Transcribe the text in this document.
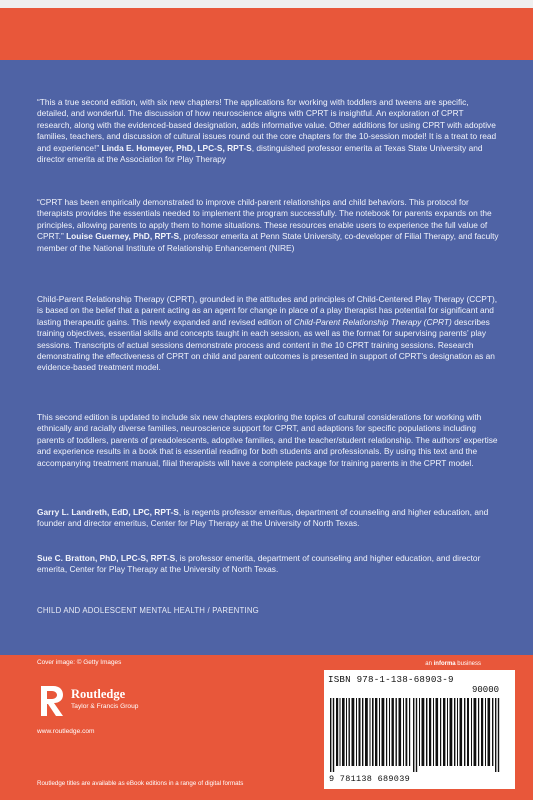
“This a true second edition, with six new chapters! The applications for working with toddlers and tweens are specific, detailed, and wonderful. The discussion of how neuroscience aligns with CPRT is insightful. An exploration of CPRT research, along with the evidenced-based designation, adds informative value. Other additions for using CPRT with adoptive families, teachers, and discussion of cultural issues round out the core chapters for the 10-session model! It is a treat to read and experience!” Linda E. Homeyer, PhD, LPC-S, RPT-S, distinguished professor emerita at Texas State University and director emerita at the Association for Play Therapy

“CPRT has been empirically demonstrated to improve child-parent relationships and child behaviors. This protocol for therapists provides the essentials needed to implement the program successfully. The notebook for parents expands on the principles, allowing parents to apply them to home situations. These resources enable users to experience the full value of CPRT.” Louise Guerney, PhD, RPT-S, professor emerita at Penn State University, co-developer of Filial Therapy, and faculty member of the National Institute of Relationship Enhancement (NIRE)

Child-Parent Relationship Therapy (CPRT), grounded in the attitudes and principles of Child-Centered Play Therapy (CCPT), is based on the belief that a parent acting as an agent for change in place of a play therapist has potential for significant and lasting therapeutic gains. This newly expanded and revised edition of Child-Parent Relationship Therapy (CPRT) describes training objectives, essential skills and concepts taught in each session, as well as the format for supervising parents’ play sessions. Transcripts of actual sessions demonstrate process and content in the 10 CPRT training sessions. Research demonstrating the effectiveness of CPRT on child and parent outcomes is presented in support of CPRT’s designation as an evidence-based treatment model.

This second edition is updated to include six new chapters exploring the topics of cultural considerations for working with ethnically and racially diverse families, neuroscience support for CPRT, and adaptions for specific populations including parents of toddlers, parents of preadolescents, adoptive families, and the teacher/student relationship. The authors’ expertise and experience results in a book that is essential reading for both students and professionals. By using this text and the accompanying treatment manual, filial therapists will have a complete package for training parents in the CPRT model.

Garry L. Landreth, EdD, LPC, RPT-S, is regents professor emeritus, department of counseling and higher education, and founder and director emeritus, Center for Play Therapy at the University of North Texas.

Sue C. Bratton, PhD, LPC-S, RPT-S, is professor emerita, department of counseling and higher education, and director emerita, Center for Play Therapy at the University of North Texas.

CHILD AND ADOLESCENT MENTAL HEALTH / PARENTING
Cover image: © Getty Images	an informa business
Routledge
Taylor & Francis Group
www.routledge.com
Routledge titles are available as eBook editions in a range of digital formats
ISBN 978-1-138-68903-9
90000
9 781138 689039
